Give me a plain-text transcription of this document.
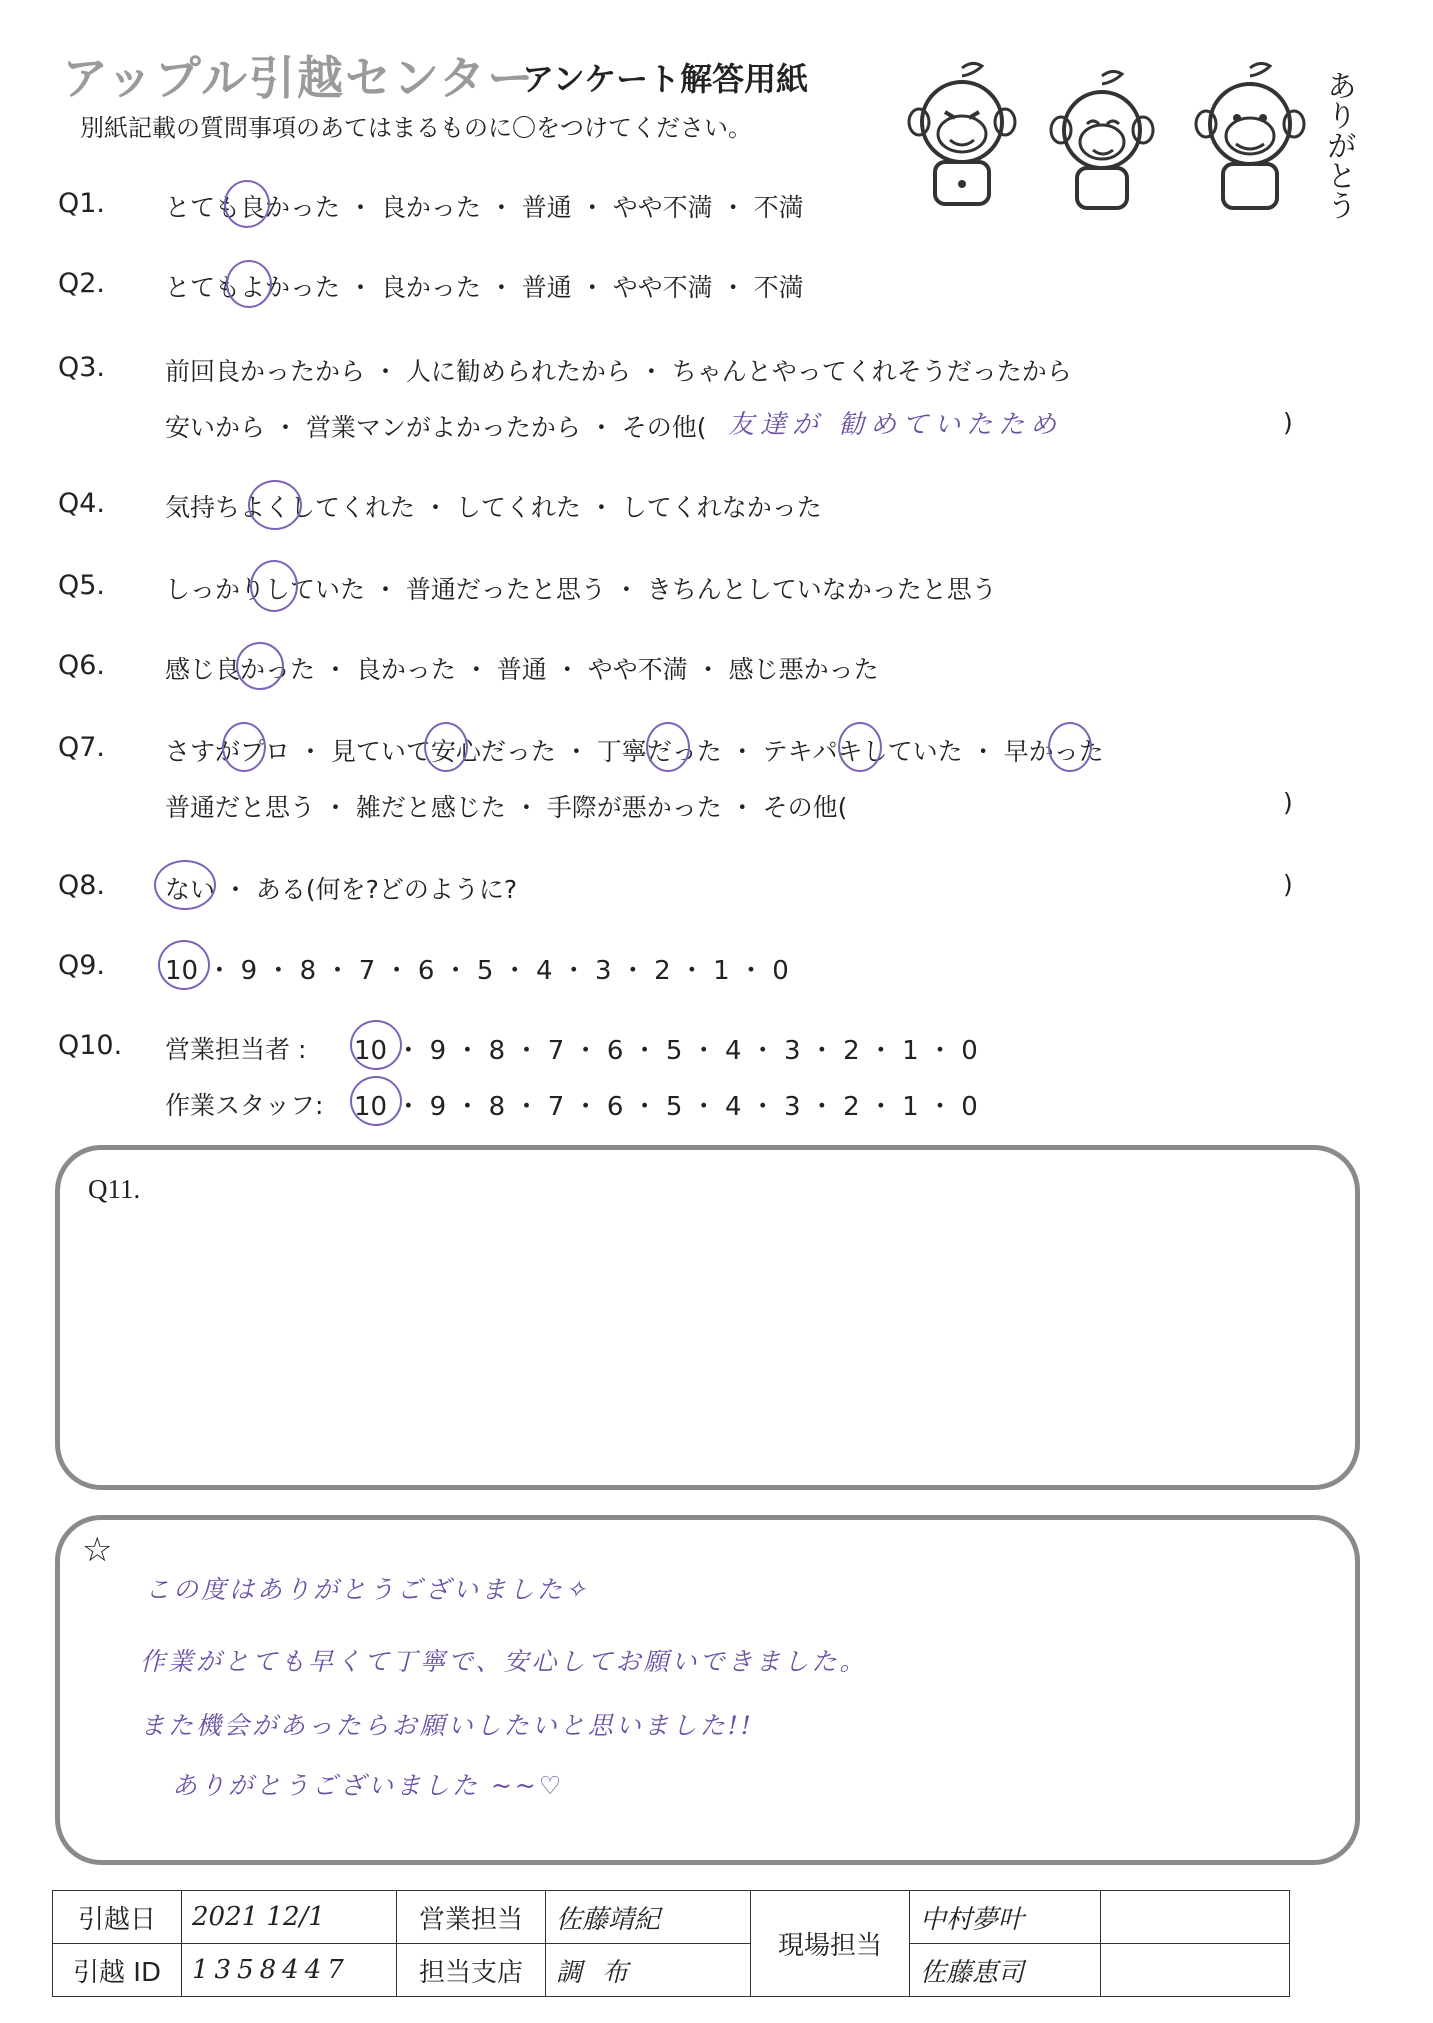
アップル引越センター
アンケート解答用紙
別紙記載の質問事項のあてはまるものに〇をつけてください。	ありがとう
Q1. とても良かった ・ 良かった ・ 普通 ・ やや不満 ・ 不満
Q2. とてもよかった ・ 良かった ・ 普通 ・ やや不満 ・ 不満
Q3. 前回良かったから ・ 人に勧められたから ・ ちゃんとやってくれそうだったから
安いから ・ 営業マンがよかったから ・ その他( 友達が 勧めていたため	)
Q4. 気持ちよくしてくれた ・ してくれた ・ してくれなかった
Q5. しっかりしていた ・ 普通だったと思う ・ きちんとしていなかったと思う
Q6. 感じ良かった ・ 良かった ・ 普通 ・ やや不満 ・ 感じ悪かった
Q7. さすがプロ ・ 見ていて安心だった ・ 丁寧だった ・ テキパキしていた ・ 早かった
普通だと思う ・ 雑だと感じた ・ 手際が悪かった ・ その他(	)
Q8. ない ・ ある(何を?どのように?	)
Q9. 10 ・ 9 ・ 8 ・ 7 ・ 6 ・ 5 ・ 4 ・ 3 ・ 2 ・ 1 ・ 0
Q10. 営業担当者 : 10 ・ 9 ・ 8 ・ 7 ・ 6 ・ 5 ・ 4 ・ 3 ・ 2 ・ 1 ・ 0
作業スタッフ: 10 ・ 9 ・ 8 ・ 7 ・ 6 ・ 5 ・ 4 ・ 3 ・ 2 ・ 1 ・ 0
Q11.
☆
この度はありがとうございました✧
作業がとても早くて丁寧で、安心してお願いできました。
また機会があったらお願いしたいと思いました!!
ありがとうございました ~~♡
引越日	2021 12/1	営業担当	佐藤靖紀	現場担当	中村夢叶	
引越 ID	1358447	担当支店	調布		佐藤恵司	
